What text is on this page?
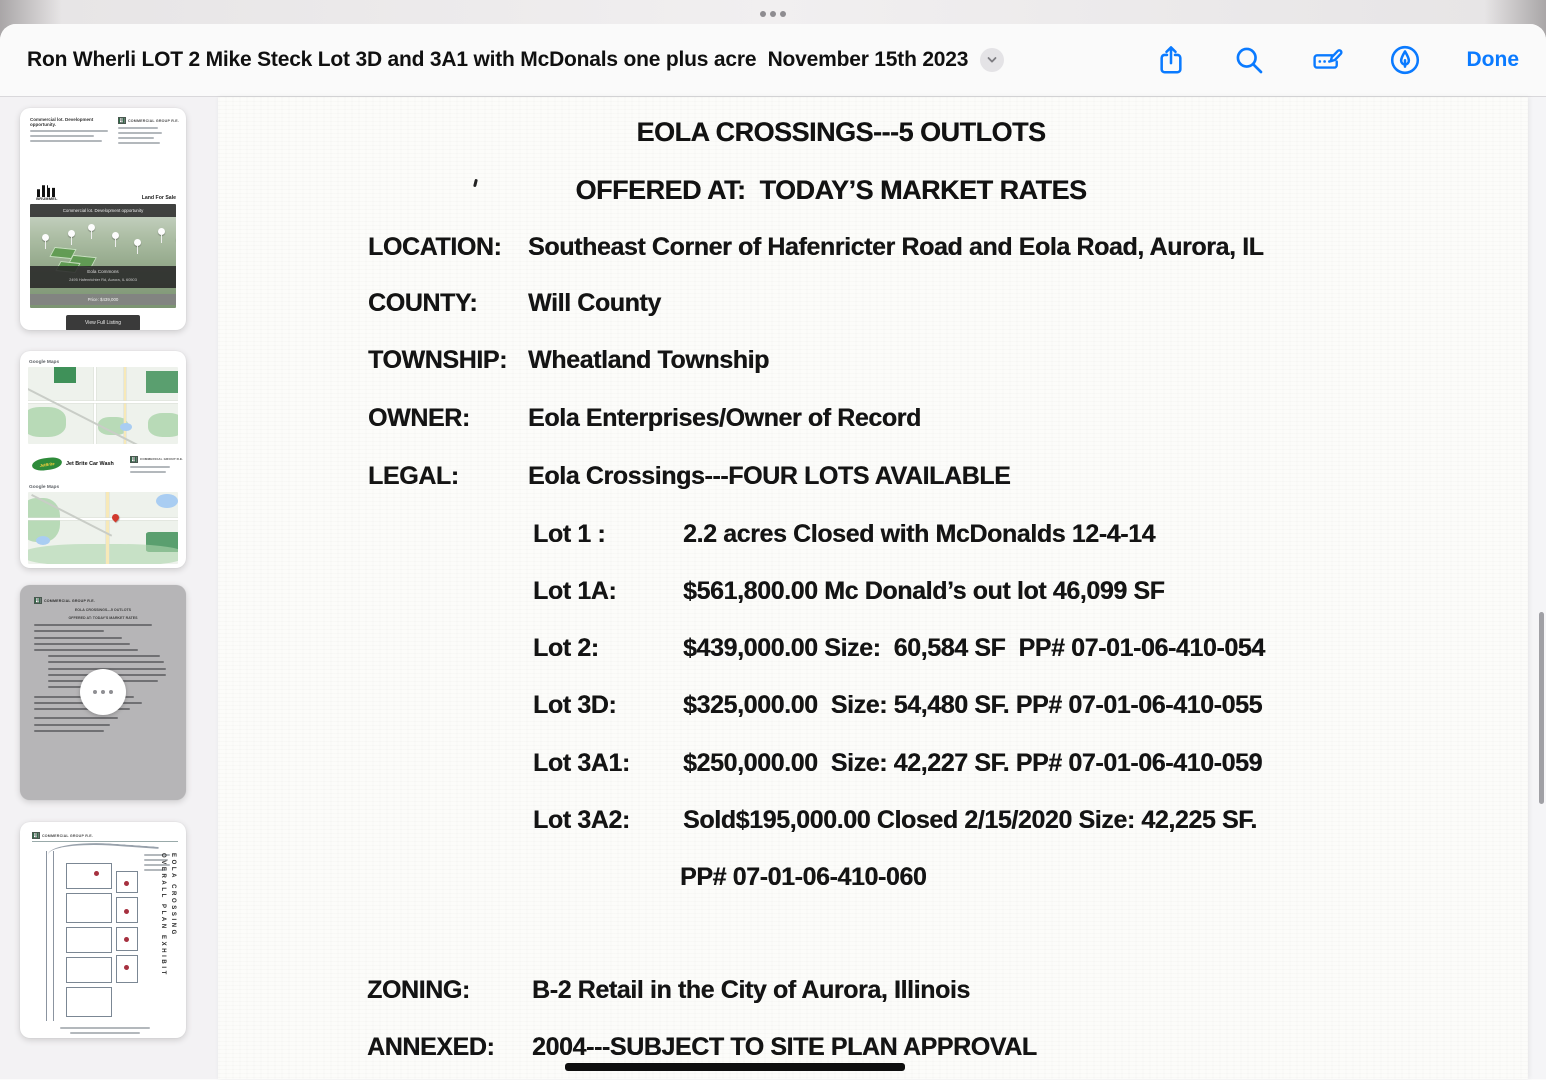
Ron Wherli LOT 2 Mike Steck Lot 3D and 3A1 with McDonals one plus acre  November 15th 2023	Done
Commercial lot. Development opportunity.
COMMERCIAL GROUP R.E.
BRUMMEL	Land For Sale
Commercial lot. Development opportunity
Eola Commons
2495 Hafenrichter Rd, Aurora, IL 60503
Price: $439,000
View Full Listing
Google Maps
JetBrite	Jet Brite Car Wash
COMMERCIAL GROUP R.E.
Google Maps
COMMERCIAL GROUP R.E.
EOLA CROSSINGS---5 OUTLOTS
OFFERED AT: TODAY'S MARKET RATES
COMMERCIAL GROUP R.E.
OVERALL PLAN EXHIBIT EOLA CROSSING
EOLA CROSSINGS---5 OUTLOTS
OFFERED AT:  TODAY’S MARKET RATES
LOCATION:	Southeast Corner of Hafenricter Road and Eola Road, Aurora, IL
COUNTY:	Will County
TOWNSHIP: Wheatland Township
OWNER:	Eola Enterprises/Owner of Record
LEGAL:	Eola Crossings---FOUR LOTS AVAILABLE
Lot 1 :	2.2 acres Closed with McDonalds 12-4-14
Lot 1A:	$561,800.00 Mc Donald’s out lot 46,099 SF
Lot 2:	$439,000.00 Size:  60,584 SF  PP# 07-01-06-410-054
Lot 3D:	$325,000.00  Size: 54,480 SF. PP# 07-01-06-410-055
Lot 3A1:	$250,000.00  Size: 42,227 SF. PP# 07-01-06-410-059
Lot 3A2:	Sold$195,000.00 Closed 2/15/2020 Size: 42,225 SF.
PP# 07-01-06-410-060
ZONING:	B-2 Retail in the City of Aurora, Illinois
ANNEXED:	2004---SUBJECT TO SITE PLAN APPROVAL
